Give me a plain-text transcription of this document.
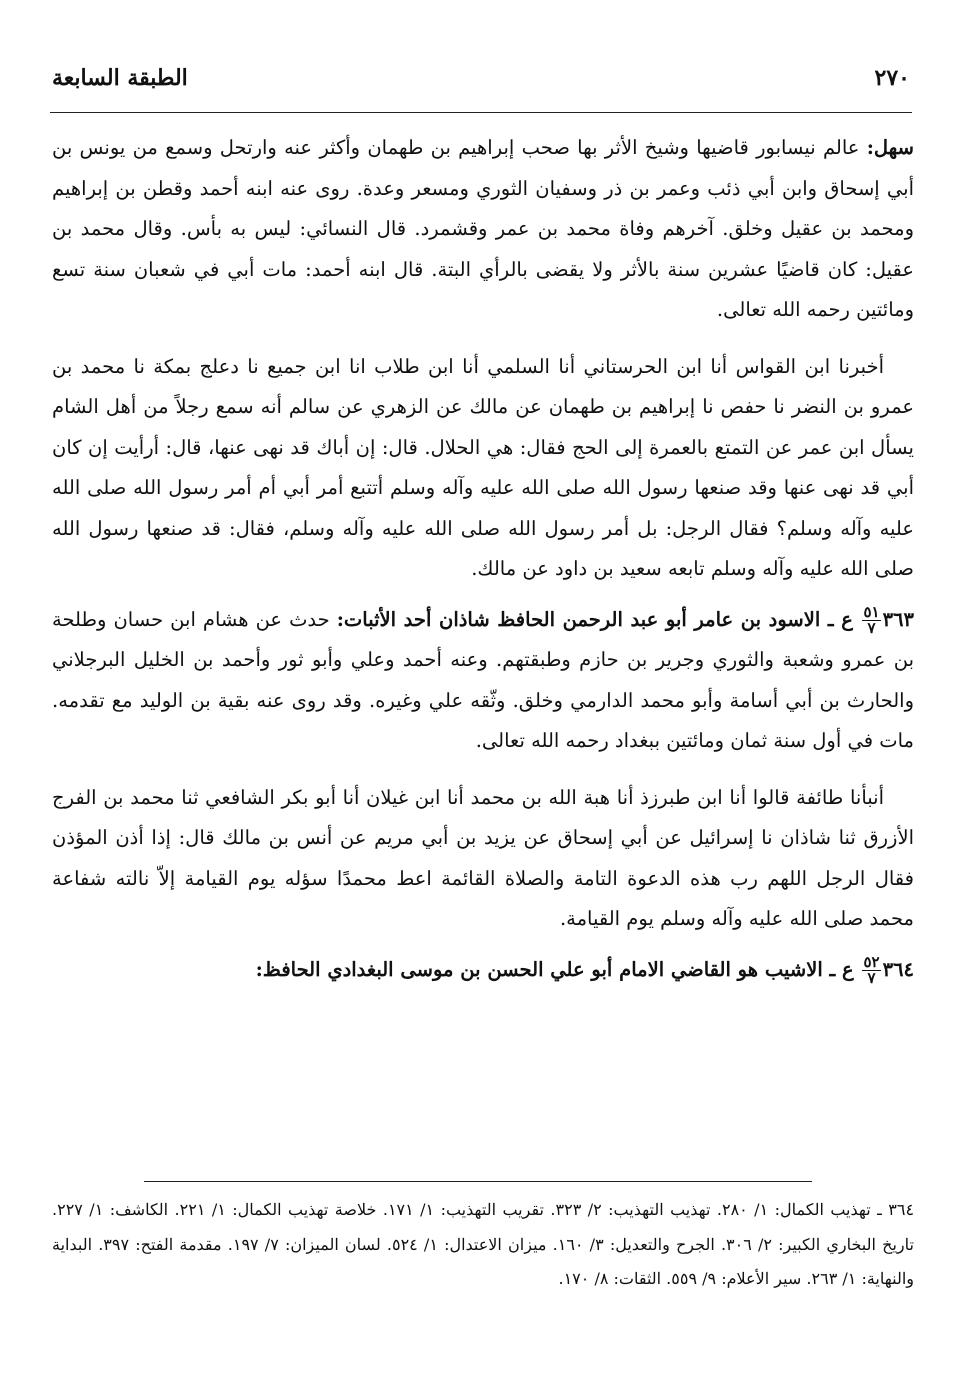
٢٧٠
الطبقة السابعة

سهل: عالم نيسابور قاضيها وشيخ الأثر بها صحب إبراهيم بن طهمان وأكثر عنه وارتحل وسمع من يونس بن أبي إسحاق وابن أبي ذئب وعمر بن ذر وسفيان الثوري ومسعر وعدة. روى عنه ابنه أحمد وقطن بن إبراهيم ومحمد بن عقيل وخلق. آخرهم وفاة محمد بن عمر وقشمرد. قال النسائي: ليس به بأس. وقال محمد بن عقيل: كان قاضيًا عشرين سنة بالأثر ولا يقضى بالرأي البتة. قال ابنه أحمد: مات أبي في شعبان سنة تسع ومائتين رحمه الله تعالى.

أخبرنا ابن القواس أنا ابن الحرستاني أنا السلمي أنا ابن طلاب انا ابن جميع نا دعلج بمكة نا محمد بن عمرو بن النضر نا حفص نا إبراهيم بن طهمان عن مالك عن الزهري عن سالم أنه سمع رجلاً من أهل الشام يسأل ابن عمر عن التمتع بالعمرة إلى الحج فقال: هي الحلال. قال: إن أباك قد نهى عنها، قال: أرأيت إن كان أبي قد نهى عنها وقد صنعها رسول الله صلى الله عليه وآله وسلم أتتبع أمر أبي أم أمر رسول الله صلى الله عليه وآله وسلم؟ فقال الرجل: بل أمر رسول الله صلى الله عليه وآله وسلم، فقال: قد صنعها رسول الله صلى الله عليه وآله وسلم تابعه سعيد بن داود عن مالك.

٣٦٣
$\frac{٥١}{٧}$
ع ـ الاسود بن عامر أبو عبد الرحمن الحافظ شاذان أحد الأثبات: حدث عن هشام ابن حسان وطلحة بن عمرو وشعبة والثوري وجرير بن حازم وطبقتهم. وعنه أحمد وعلي وأبو ثور وأحمد بن الخليل البرجلاني والحارث بن أبي أسامة وأبو محمد الدارمي وخلق. وثّقه علي وغيره. وقد روى عنه بقية بن الوليد مع تقدمه. مات في أول سنة ثمان ومائتين ببغداد رحمه الله تعالى.

أنبأنا طائفة قالوا أنا ابن طبرزذ أنا هبة الله بن محمد أنا ابن غيلان أنا أبو بكر الشافعي ثنا محمد بن الفرج الأزرق ثنا شاذان نا إسرائيل عن أبي إسحاق عن يزيد بن أبي مريم عن أنس بن مالك قال: إذا أذن المؤذن فقال الرجل اللهم رب هذه الدعوة التامة والصلاة القائمة اعط محمدًا سؤله يوم القيامة إلاّ نالته شفاعة محمد صلى الله عليه وآله وسلم يوم القيامة.

٣٦٤
$\frac{٥٢}{٧}$
ع ـ الاشيب هو القاضي الامام أبو علي الحسن بن موسى البغدادي الحافظ:

٣٦٤ ـ تهذيب الكمال: ١/ ٢٨٠. تهذيب التهذيب: ٢/ ٣٢٣. تقريب التهذيب: ١/ ١٧١. خلاصة تهذيب الكمال: ١/ ٢٢١. الكاشف: ١/ ٢٢٧. تاريخ البخاري الكبير: ٢/ ٣٠٦. الجرح والتعديل: ٣/ ١٦٠. ميزان الاعتدال: ١/ ٥٢٤. لسان الميزان: ٧/ ١٩٧. مقدمة الفتح: ٣٩٧. البداية والنهاية: ١/ ٢٦٣. سير الأعلام: ٩/ ٥٥٩. الثقات: ٨/ ١٧٠.
